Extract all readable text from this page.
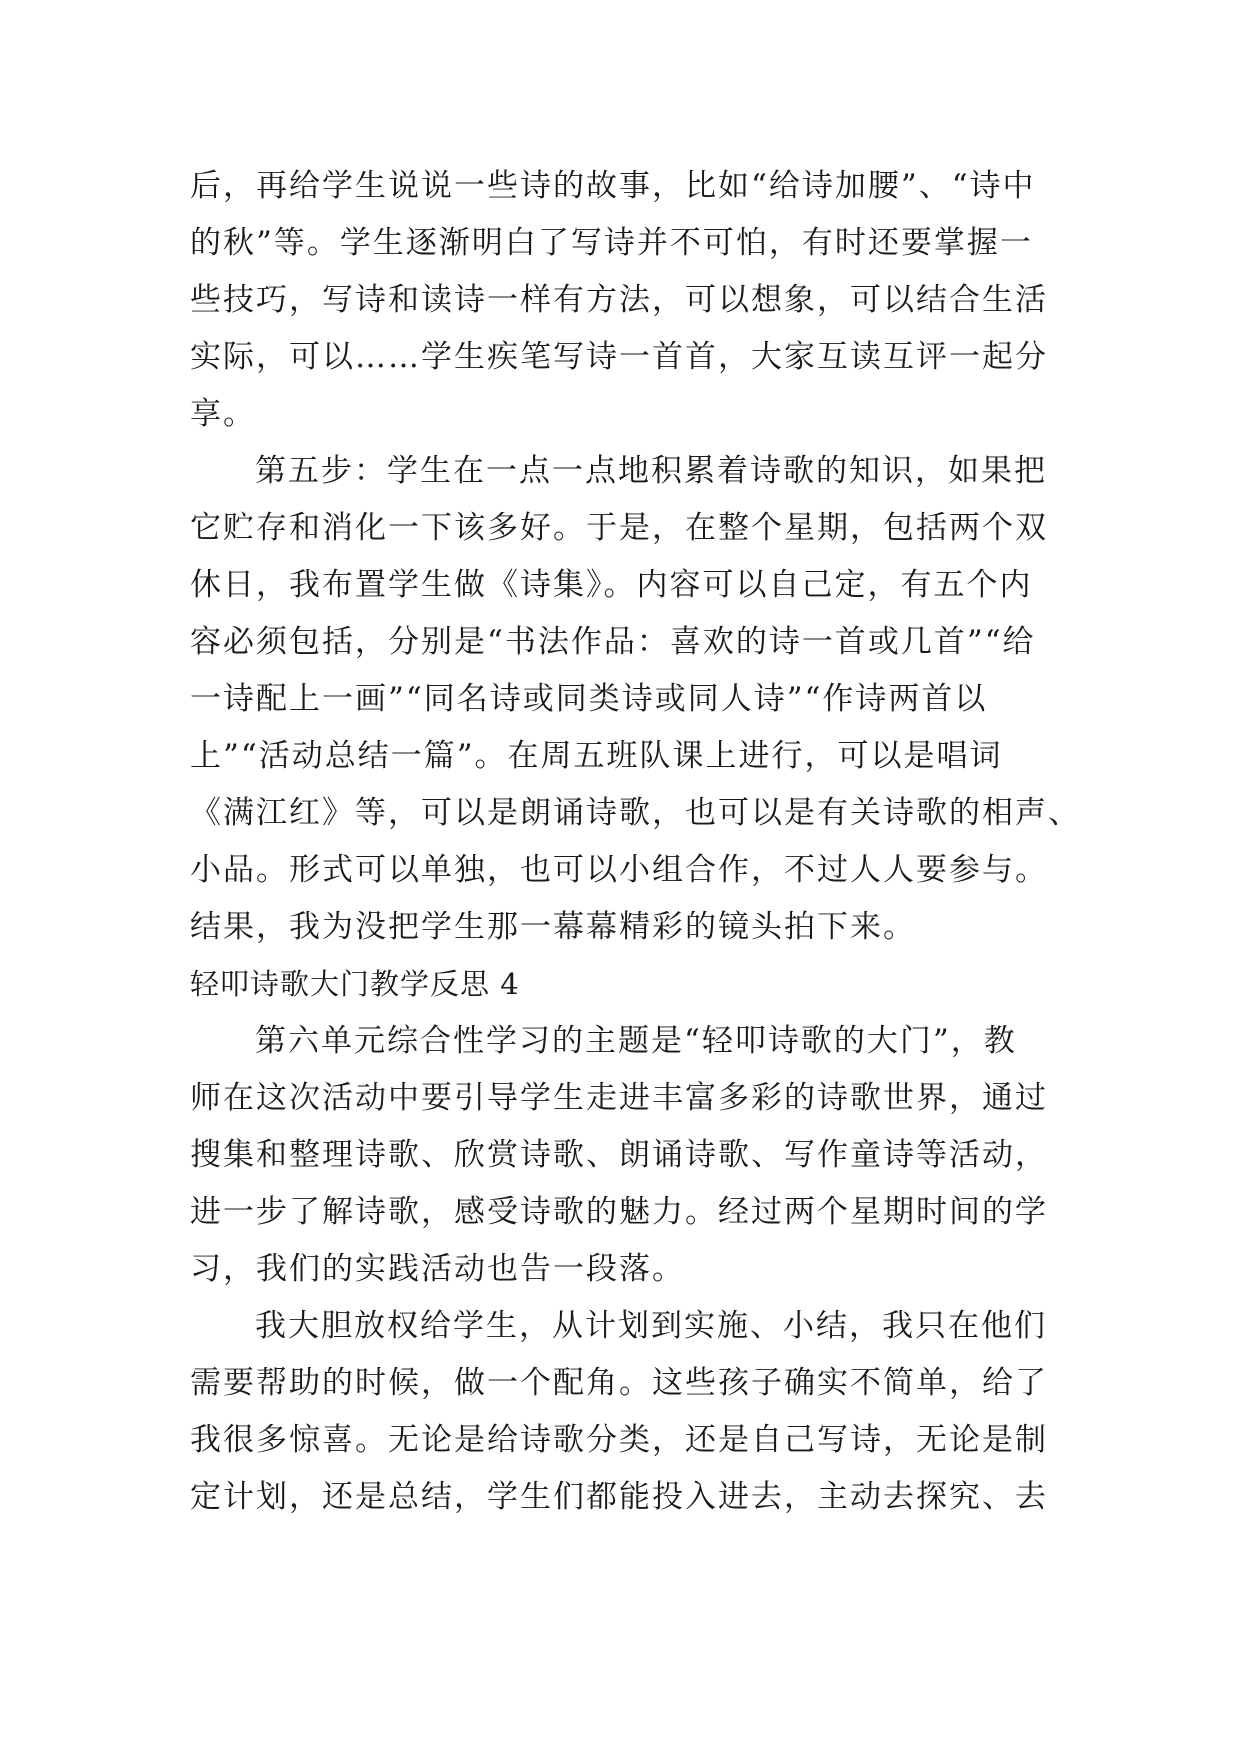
后，再给学生说说一些诗的故事，比如“给诗加腰”、“诗中

的秋”等。学生逐渐明白了写诗并不可怕，有时还要掌握一

些技巧，写诗和读诗一样有方法，可以想象，可以结合生活

实际，可以……学生疾笔写诗一首首，大家互读互评一起分

享。

第五步：学生在一点一点地积累着诗歌的知识，如果把

它贮存和消化一下该多好。于是，在整个星期，包括两个双

休日，我布置学生做《诗集》。内容可以自己定，有五个内

容必须包括，分别是“书法作品：喜欢的诗一首或几首”“给

一诗配上一画”“同名诗或同类诗或同人诗”“作诗两首以

上”“活动总结一篇”。在周五班队课上进行，可以是唱词

《满江红》等，可以是朗诵诗歌，也可以是有关诗歌的相声、

小品。形式可以单独，也可以小组合作，不过人人要参与。

结果，我为没把学生那一幕幕精彩的镜头拍下来。

轻叩诗歌大门教学反思 4

第六单元综合性学习的主题是“轻叩诗歌的大门”，教

师在这次活动中要引导学生走进丰富多彩的诗歌世界，通过

搜集和整理诗歌、欣赏诗歌、朗诵诗歌、写作童诗等活动，

进一步了解诗歌，感受诗歌的魅力。经过两个星期时间的学

习，我们的实践活动也告一段落。

我大胆放权给学生，从计划到实施、小结，我只在他们

需要帮助的时候，做一个配角。这些孩子确实不简单，给了

我很多惊喜。无论是给诗歌分类，还是自己写诗，无论是制

定计划，还是总结，学生们都能投入进去，主动去探究、去
